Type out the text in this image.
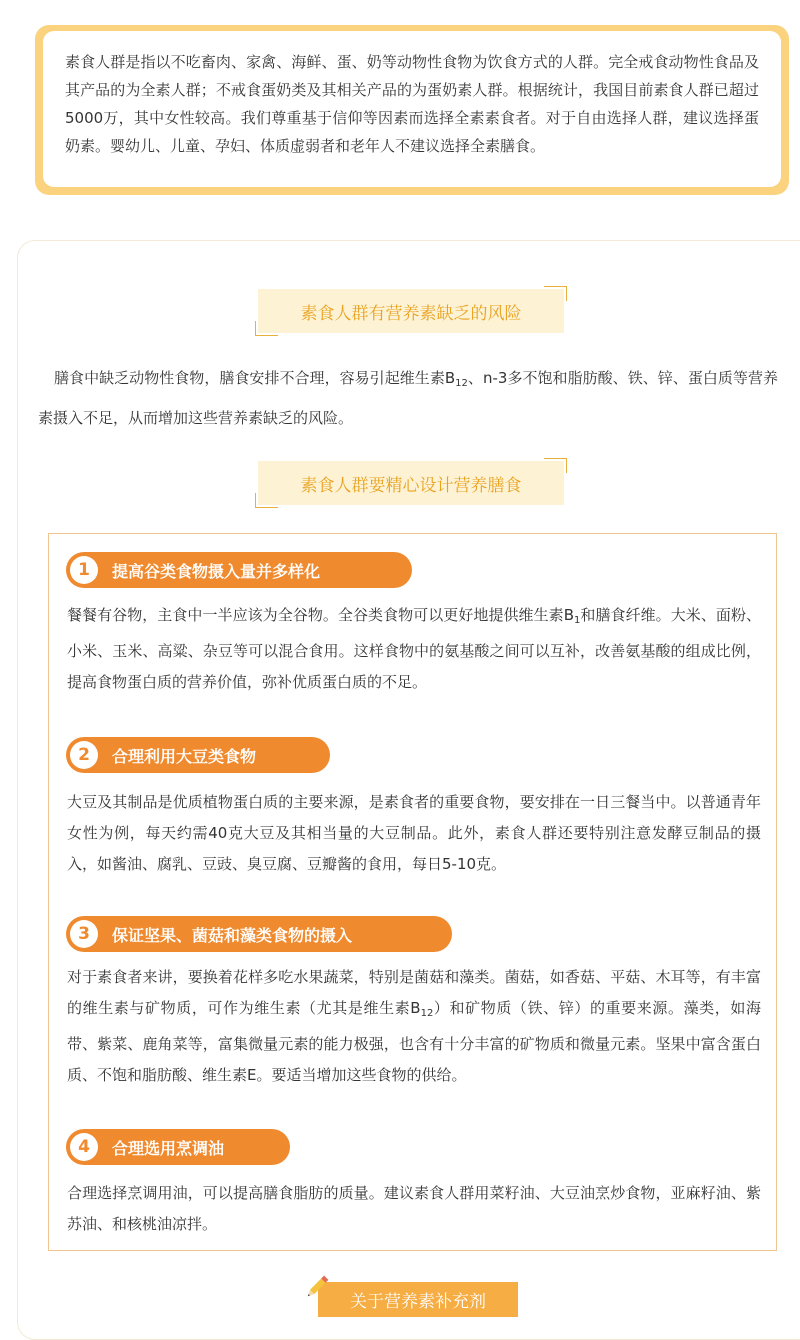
素食人群是指以不吃畜肉、家禽、海鲜、蛋、奶等动物性食物为饮食方式的人群。完全戒食动物性食品及其产品的为全素人群；不戒食蛋奶类及其相关产品的为蛋奶素人群。根据统计，我国目前素食人群已超过5000万，其中女性较高。我们尊重基于信仰等因素而选择全素素食者。对于自由选择人群，建议选择蛋奶素。婴幼儿、儿童、孕妇、体质虚弱者和老年人不建议选择全素膳食。
素食人群有营养素缺乏的风险
膳食中缺乏动物性食物，膳食安排不合理，容易引起维生素$B_{12}$、n-3多不饱和脂肪酸、铁、锌、蛋白质等营养素摄入不足，从而增加这些营养素缺乏的风险。
素食人群要精心设计营养膳食
1	提高谷类食物摄入量并多样化
餐餐有谷物，主食中一半应该为全谷物。全谷类食物可以更好地提供维生素$B_1$和膳食纤维。大米、面粉、小米、玉米、高粱、杂豆等可以混合食用。这样食物中的氨基酸之间可以互补，改善氨基酸的组成比例，提高食物蛋白质的营养价值，弥补优质蛋白质的不足。
2	合理利用大豆类食物
大豆及其制品是优质植物蛋白质的主要来源，是素食者的重要食物，要安排在一日三餐当中。以普通青年女性为例，每天约需40克大豆及其相当量的大豆制品。此外，素食人群还要特别注意发酵豆制品的摄入，如酱油、腐乳、豆豉、臭豆腐、豆瓣酱的食用，每日5-10克。
3	保证坚果、菌菇和藻类食物的摄入
对于素食者来讲，要换着花样多吃水果蔬菜，特别是菌菇和藻类。菌菇，如香菇、平菇、木耳等，有丰富的维生素与矿物质，可作为维生素（尤其是维生素$B_{12}$）和矿物质（铁、锌）的重要来源。藻类，如海带、紫菜、鹿角菜等，富集微量元素的能力极强，也含有十分丰富的矿物质和微量元素。坚果中富含蛋白质、不饱和脂肪酸、维生素E。要适当增加这些食物的供给。
4	合理选用烹调油
合理选择烹调用油，可以提高膳食脂肪的质量。建议素食人群用菜籽油、大豆油烹炒食物，亚麻籽油、紫苏油、和核桃油凉拌。
关于营养素补充剂
